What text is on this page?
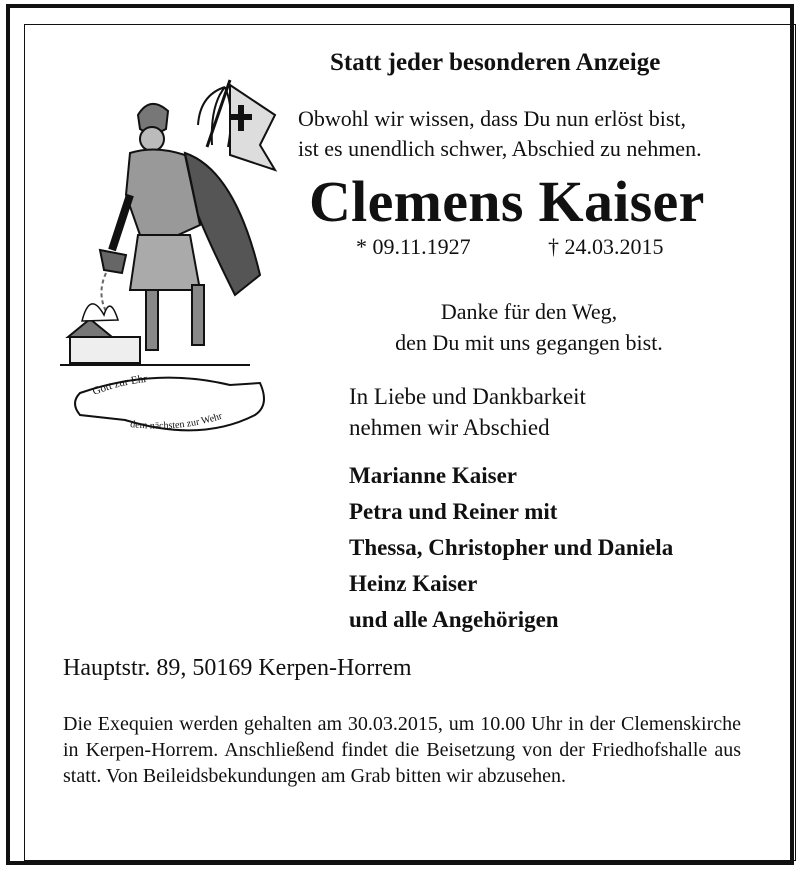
Gott zur Ehr
dem nächsten zur Wehr
Statt jeder besonderen Anzeige
Obwohl wir wissen, dass Du nun erlöst bist,
ist es unendlich schwer, Abschied zu nehmen.
Clemens Kaiser
* 09.11.1927	† 24.03.2015
Danke für den Weg,
den Du mit uns gegangen bist.
In Liebe und Dankbarkeit
nehmen wir Abschied
Marianne Kaiser
Petra und Reiner mit
Thessa, Christopher und Daniela
Heinz Kaiser
und alle Angehörigen
Hauptstr. 89, 50169 Kerpen-Horrem
Die Exequien werden gehalten am 30.03.2015, um 10.00 Uhr in der Clemenskirche in Kerpen-Horrem. Anschließend findet die Beisetzung von der Friedhofshalle aus statt. Von Beileidsbekundungen am Grab bitten wir abzusehen.
